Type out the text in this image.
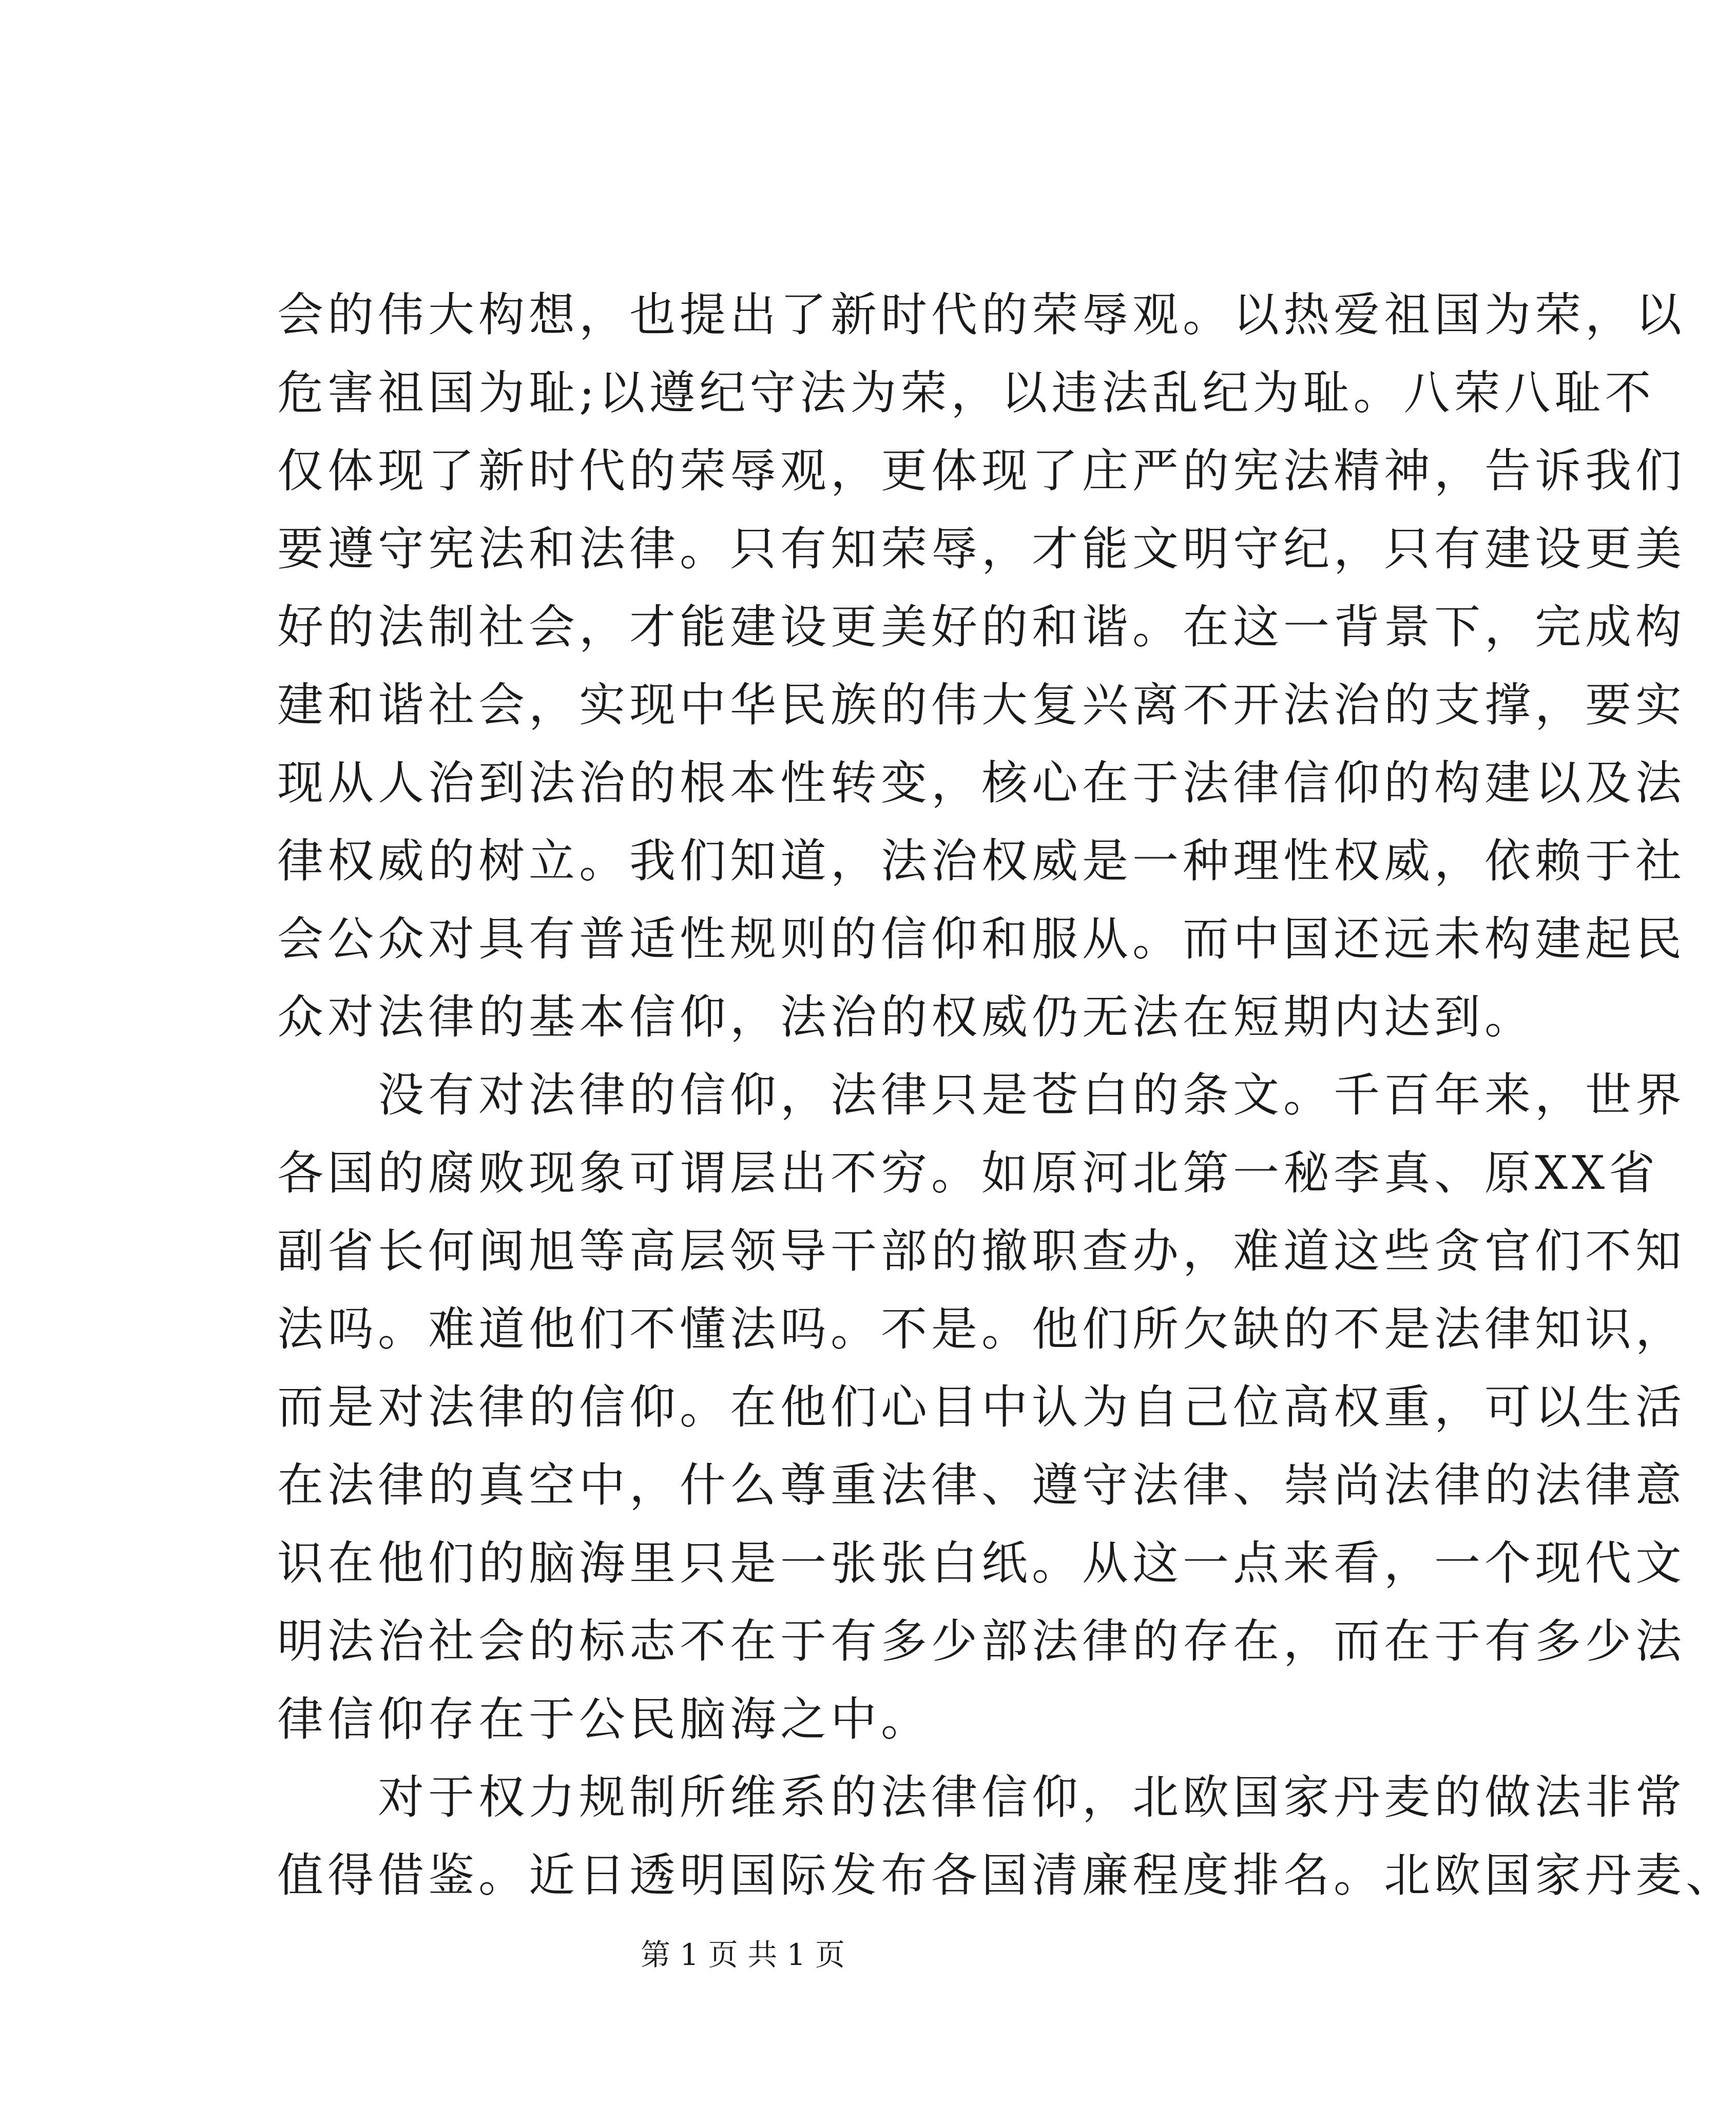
会的伟大构想，也提出了新时代的荣辱观。以热爱祖国为荣，以
危害祖国为耻;以遵纪守法为荣，以违法乱纪为耻。八荣八耻不
仅体现了新时代的荣辱观，更体现了庄严的宪法精神，告诉我们
要遵守宪法和法律。只有知荣辱，才能文明守纪，只有建设更美
好的法制社会，才能建设更美好的和谐。在这一背景下，完成构
建和谐社会，实现中华民族的伟大复兴离不开法治的支撑，要实
现从人治到法治的根本性转变，核心在于法律信仰的构建以及法
律权威的树立。我们知道，法治权威是一种理性权威，依赖于社
会公众对具有普适性规则的信仰和服从。而中国还远未构建起民
众对法律的基本信仰，法治的权威仍无法在短期内达到。
　　没有对法律的信仰，法律只是苍白的条文。千百年来，世界
各国的腐败现象可谓层出不穷。如原河北第一秘李真、原XX省
副省长何闽旭等高层领导干部的撤职查办，难道这些贪官们不知
法吗。难道他们不懂法吗。不是。他们所欠缺的不是法律知识，
而是对法律的信仰。在他们心目中认为自己位高权重，可以生活
在法律的真空中，什么尊重法律、遵守法律、崇尚法律的法律意
识在他们的脑海里只是一张张白纸。从这一点来看，一个现代文
明法治社会的标志不在于有多少部法律的存在，而在于有多少法
律信仰存在于公民脑海之中。
　　对于权力规制所维系的法律信仰，北欧国家丹麦的做法非常
值得借鉴。近日透明国际发布各国清廉程度排名。北欧国家丹麦、
第 1 页 共 1 页
